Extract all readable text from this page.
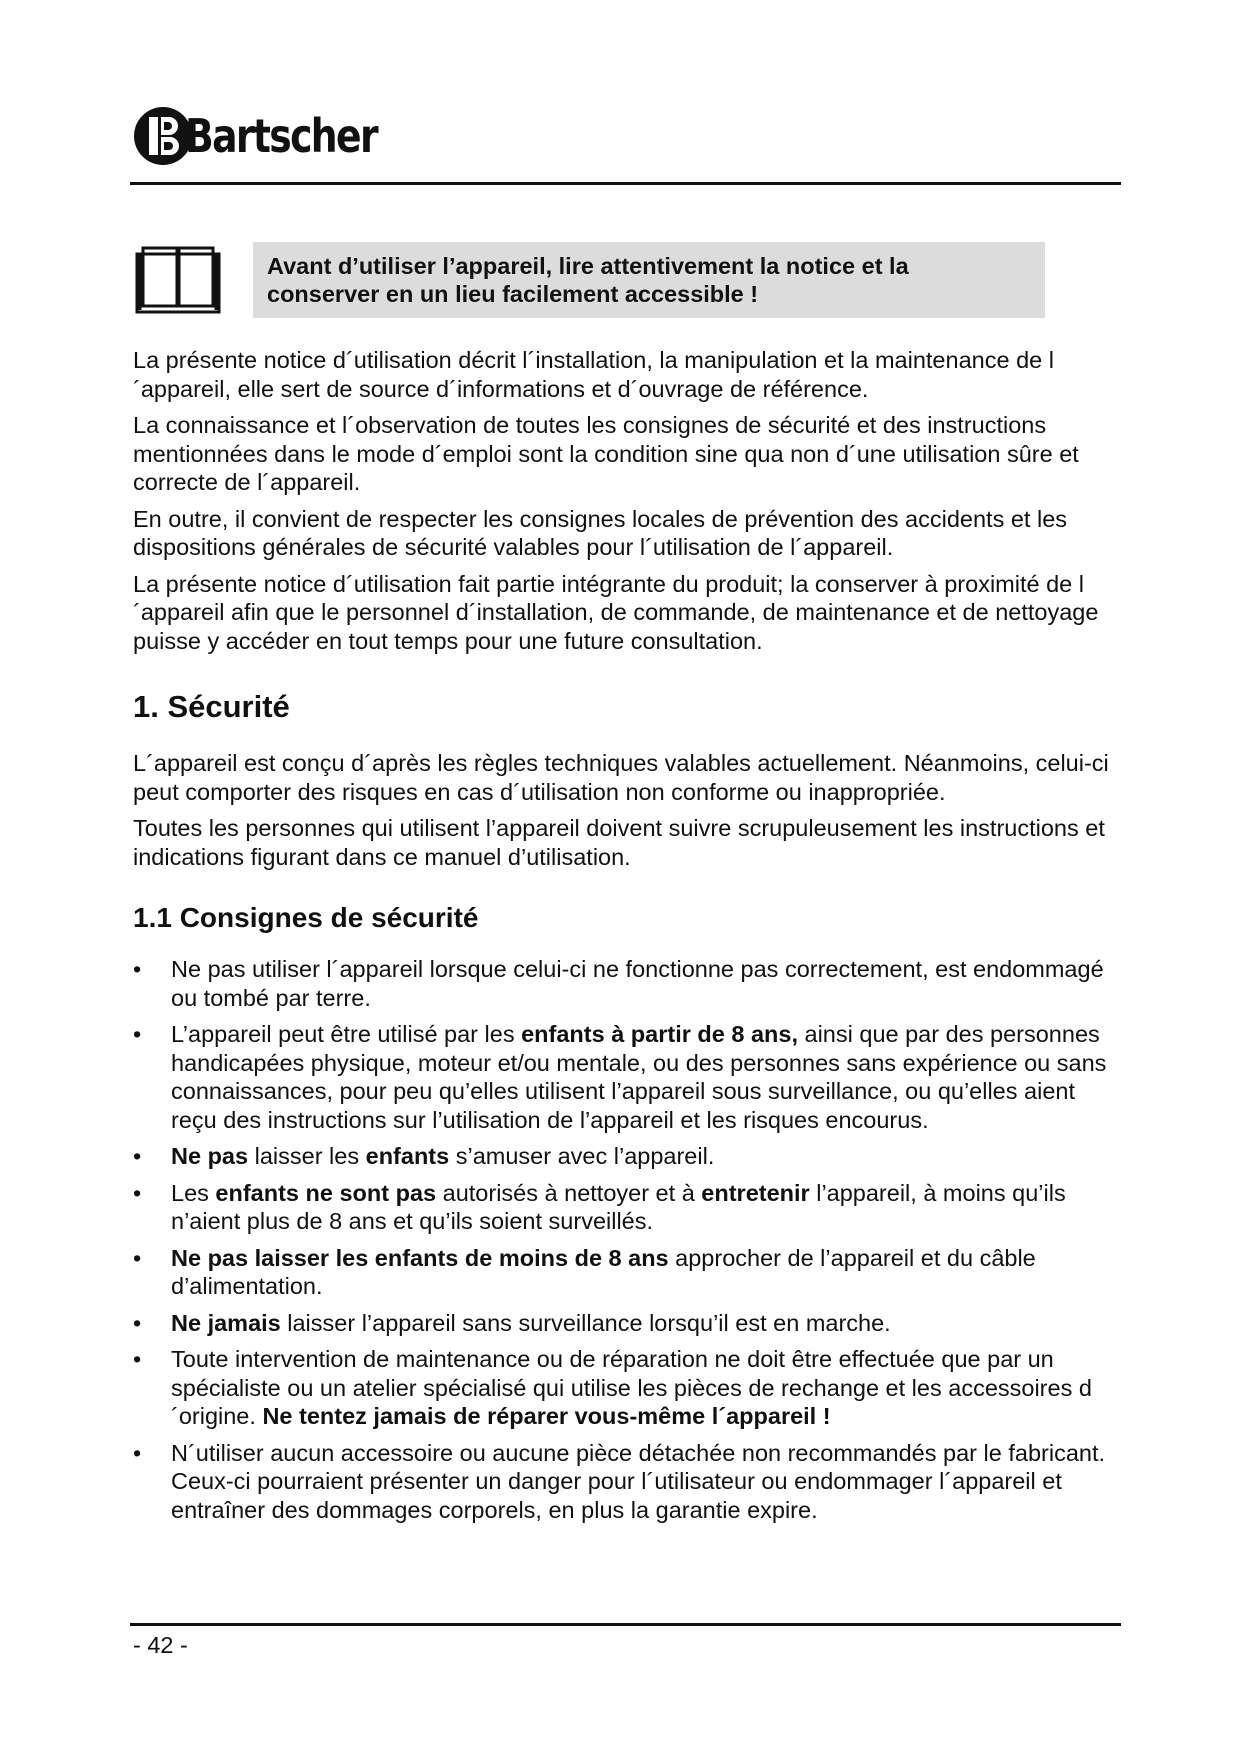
Bartscher
Avant d’utiliser l’appareil, lire attentivement la notice et la
conserver en un lieu facilement accessible !

La présente notice d´utilisation décrit l´installation, la manipulation et la maintenance de l´appareil, elle sert de source d´informations et d´ouvrage de référence.

La connaissance et l´observation de toutes les consignes de sécurité et des instructions mentionnées dans le mode d´emploi sont la condition sine qua non d´une utilisation sûre et correcte de l´appareil.

En outre, il convient de respecter les consignes locales de prévention des accidents et les dispositions générales de sécurité valables pour l´utilisation de l´appareil.

La présente notice d´utilisation fait partie intégrante du produit; la conserver à proximité de l´appareil afin que le personnel d´installation, de commande, de maintenance et de nettoyage puisse y accéder en tout temps pour une future consultation.

1. Sécurité

L´appareil est conçu d´après les règles techniques valables actuellement. Néanmoins, celui-ci peut comporter des risques en cas d´utilisation non conforme ou inappropriée.

Toutes les personnes qui utilisent l’appareil doivent suivre scrupuleusement les instructions et indications figurant dans ce manuel d’utilisation.

1.1 Consignes de sécurité
• Ne pas utiliser l´appareil lorsque celui-ci ne fonctionne pas correctement, est endommagé ou tombé par terre.
• L’appareil peut être utilisé par les enfants à partir de 8 ans, ainsi que par des personnes handicapées physique, moteur et/ou mentale, ou des personnes sans expérience ou sans connaissances, pour peu qu’elles utilisent l’appareil sous surveillance, ou qu’elles aient reçu des instructions sur l’utilisation de l’appareil et les risques encourus.
• Ne pas laisser les enfants s’amuser avec l’appareil.
• Les enfants ne sont pas autorisés à nettoyer et à entretenir l’appareil, à moins qu’ils n’aient plus de 8 ans et qu’ils soient surveillés.
• Ne pas laisser les enfants de moins de 8 ans approcher de l’appareil et du câble d’alimentation.
• Ne jamais laisser l’appareil sans surveillance lorsqu’il est en marche.
• Toute intervention de maintenance ou de réparation ne doit être effectuée que par un spécialiste ou un atelier spécialisé qui utilise les pièces de rechange et les accessoires d´origine. Ne tentez jamais de réparer vous-même l´appareil !
• N´utiliser aucun accessoire ou aucune pièce détachée non recommandés par le fabricant. Ceux-ci pourraient présenter un danger pour l´utilisateur ou endommager l´appareil et entraîner des dommages corporels, en plus la garantie expire.
- 42 -
